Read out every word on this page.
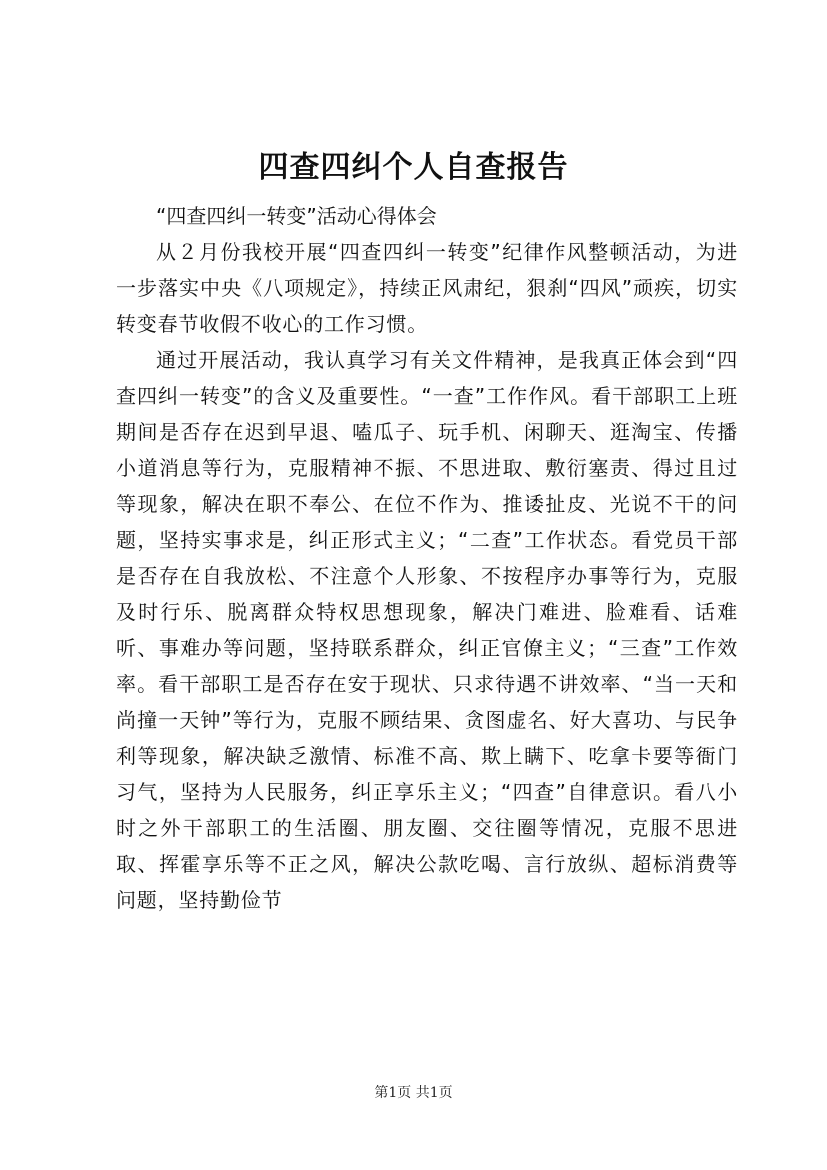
四查四纠个人自查报告

“四查四纠一转变”活动心得体会

从２月份我校开展“四查四纠一转变”纪律作风整顿活动，为进一步落实中央《八项规定》，持续正风肃纪，狠刹“四风”顽疾，切实转变春节收假不收心的工作习惯。

通过开展活动，我认真学习有关文件精神，是我真正体会到“四查四纠一转变”的含义及重要性。“一查”工作作风。看干部职工上班期间是否存在迟到早退、嗑瓜子、玩手机、闲聊天、逛淘宝、传播小道消息等行为，克服精神不振、不思进取、敷衍塞责、得过且过等现象，解决在职不奉公、在位不作为、推诿扯皮、光说不干的问题，坚持实事求是，纠正形式主义；“二查”工作状态。看党员干部是否存在自我放松、不注意个人形象、不按程序办事等行为，克服及时行乐、脱离群众特权思想现象，解决门难进、脸难看、话难听、事难办等问题，坚持联系群众，纠正官僚主义；“三查”工作效率。看干部职工是否存在安于现状、只求待遇不讲效率、“当一天和尚撞一天钟”等行为，克服不顾结果、贪图虚名、好大喜功、与民争利等现象，解决缺乏激情、标准不高、欺上瞒下、吃拿卡要等衙门习气，坚持为人民服务，纠正享乐主义；“四查”自律意识。看八小时之外干部职工的生活圈、朋友圈、交往圈等情况，克服不思进取、挥霍享乐等不正之风，解决公款吃喝、言行放纵、超标消费等问题，坚持勤俭节

第1页 共1页
